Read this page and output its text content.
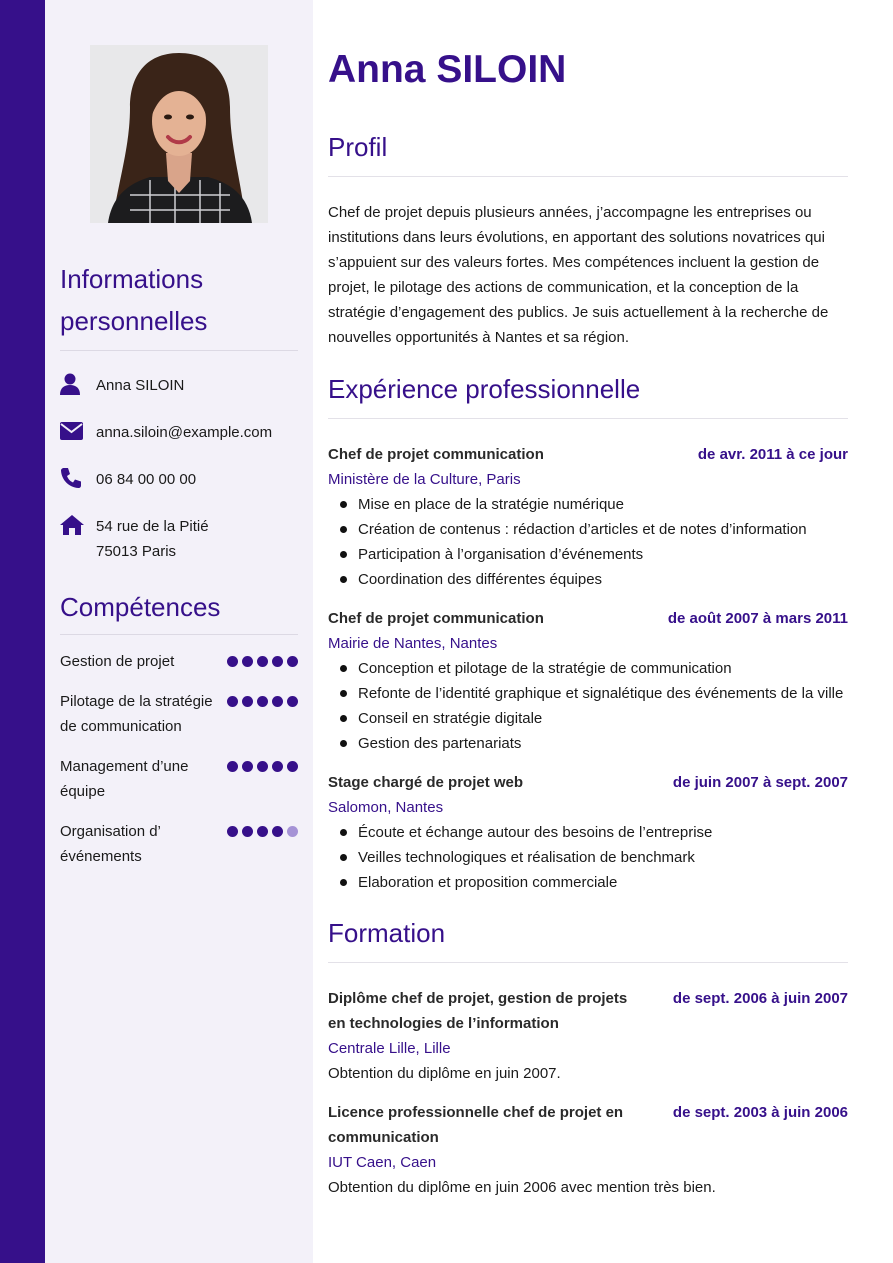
Informations personnelles
Anna SILOIN
anna.siloin@example.com
06 84 00 00 00
54 rue de la Pitié
75013 Paris
Compétences
Gestion de projet
Pilotage de la stratégie de communication
Management d’une équipe
Organisation d’ événements
Anna SILOIN
Profil

Chef de projet depuis plusieurs années, j’accompagne les entreprises ou institutions dans leurs évolutions, en apportant des solutions novatrices qui s’appuient sur des valeurs fortes. Mes compétences incluent la gestion de projet, le pilotage des actions de communication, et la conception de la stratégie d’engagement des publics. Je suis actuellement à la recherche de nouvelles opportunités à Nantes et sa région.

Expérience professionnelle
Chef de projet communication	de avr. 2011 à ce jour
Ministère de la Culture, Paris
Mise en place de la stratégie numérique
Création de contenus : rédaction d’articles et de notes d’information
Participation à l’organisation d’événements
Coordination des différentes équipes
Chef de projet communication	de août 2007 à mars 2011
Mairie de Nantes, Nantes
Conception et pilotage de la stratégie de communication
Refonte de l’identité graphique et signalétique des événements de la ville
Conseil en stratégie digitale
Gestion des partenariats
Stage chargé de projet web	de juin 2007 à sept. 2007
Salomon, Nantes
Écoute et échange autour des besoins de l’entreprise
Veilles technologiques et réalisation de benchmark
Elaboration et proposition commerciale
Formation
Diplôme chef de projet, gestion de projets en technologies de l’information
de sept. 2006 à juin 2007
Centrale Lille, Lille
Obtention du diplôme en juin 2007.
Licence professionnelle chef de projet en communication
de sept. 2003 à juin 2006
IUT Caen, Caen
Obtention du diplôme en juin 2006 avec mention très bien.
